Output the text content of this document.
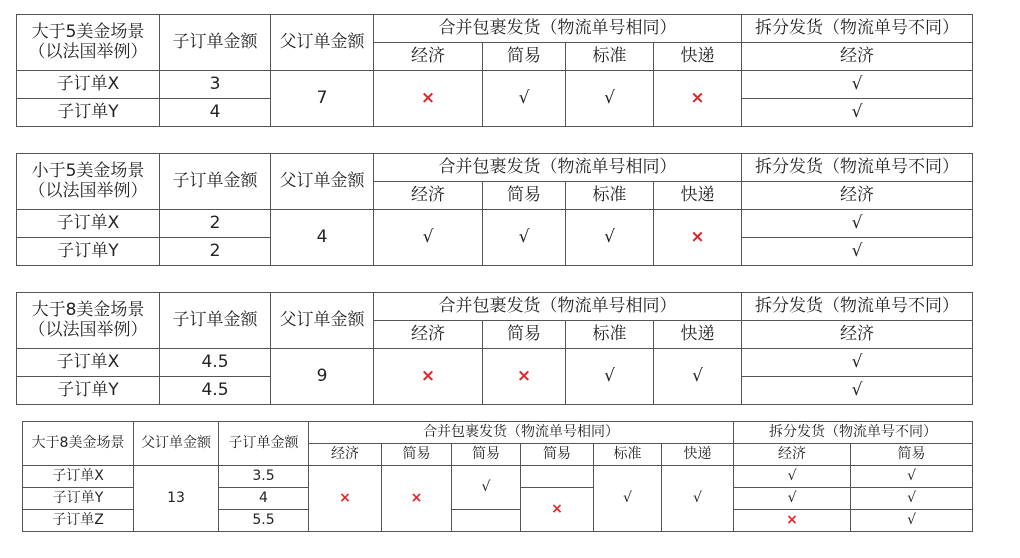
大于5美金场景
（以法国举例）	子订单金额	父订单金额	合并包裹发货（物流单号相同）				拆分发货（物流单号不同）
			经济	简易	标准	快递	经济
子订单X	3	7	×	√	√	×	√
子订单Y	4						√
小于5美金场景
（以法国举例）	子订单金额	父订单金额	合并包裹发货（物流单号相同）				拆分发货（物流单号不同）
			经济	简易	标准	快递	经济
子订单X	2	4	√	√	√	×	√
子订单Y	2						√
大于8美金场景
（以法国举例）	子订单金额	父订单金额	合并包裹发货（物流单号相同）				拆分发货（物流单号不同）
			经济	简易	标准	快递	经济
子订单X	4.5	9	×	×	√	√	√
子订单Y	4.5						√
大于8美金场景	父订单金额	子订单金额	合并包裹发货（物流单号相同）						拆分发货（物流单号不同）	
			经济	简易	简易	简易	标准	快递	经济	简易
子订单X	13	3.5	×	×	√		√	√	√	√
子订单Y		4				×			√	√
子订单Z		5.5							×	√
